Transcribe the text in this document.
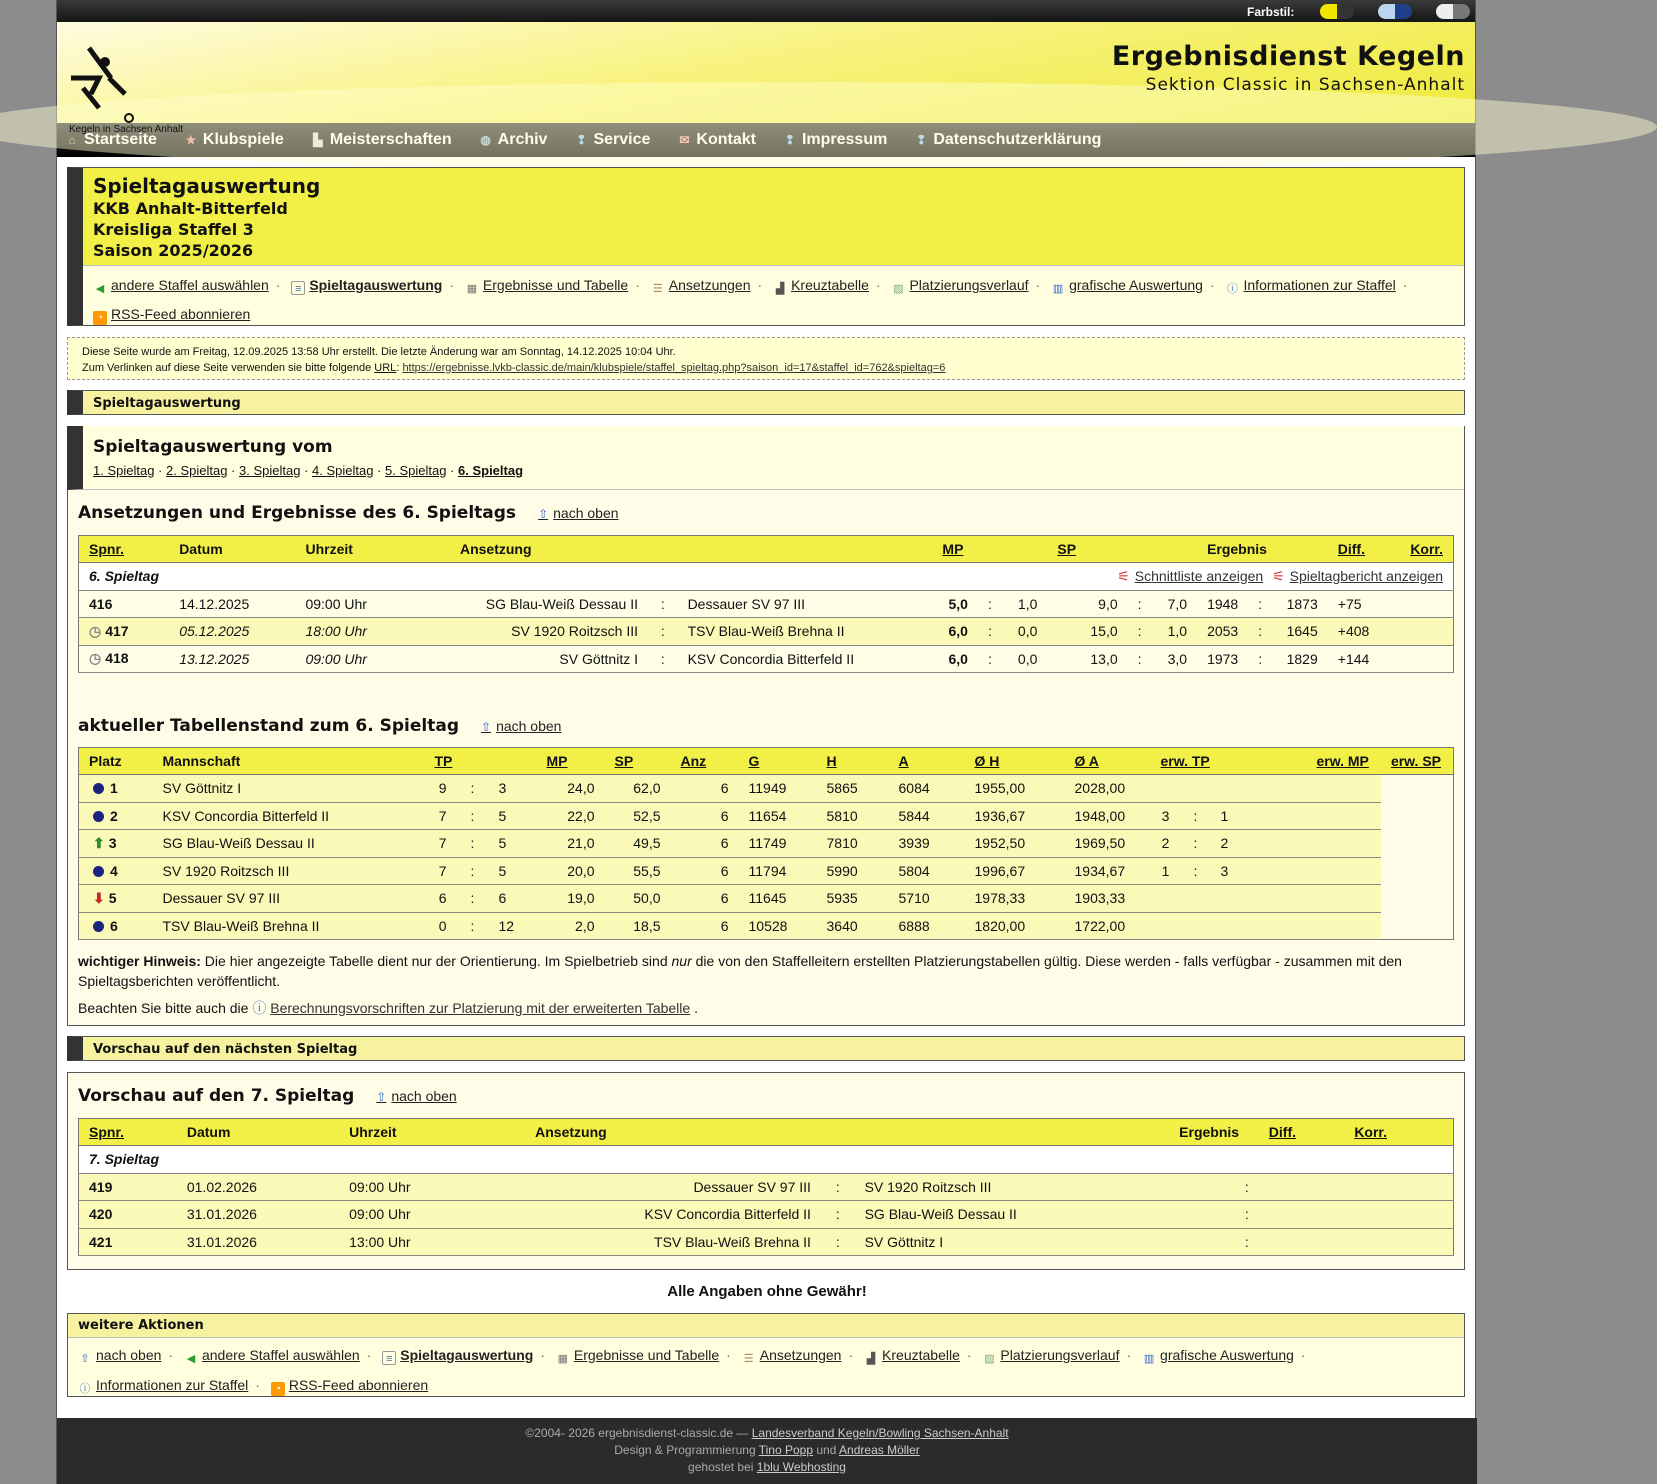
Farbstil:
Kegeln in Sachsen Anhalt
Ergebnisdienst Kegeln
Sektion Classic in Sachsen-Anhalt
⌂ Startseite ★ Klubspiele ▙ Meisterschaften ◍ Archiv ❢ Service ✉ Kontakt ❢ Impressum ❢ Datenschutzerklärung
Spieltagauswertung
KKB Anhalt-Bitterfeld
Kreisliga Staffel 3
Saison 2025/2026
◀ andere Staffel auswählen · ≡ Spieltagauswertung · ▦ Ergebnisse und Tabelle · ☰ Ansetzungen · ▟ Kreuztabelle · ▨ Platzierungsverlauf · ▥ grafische Auswertung · ⓘ Informationen zur Staffel ·
◔ RSS-Feed abonnieren
Diese Seite wurde am Freitag, 12.09.2025 13:58 Uhr erstellt. Die letzte Änderung war am Sonntag, 14.12.2025 10:04 Uhr.
Zum Verlinken auf diese Seite verwenden sie bitte folgende URL: https://ergebnisse.lvkb-classic.de/main/klubspiele/staffel_spieltag.php?saison_id=17&staffel_id=762&spieltag=6
Spieltagauswertung
Spieltagauswertung vom
1. Spieltag · 2. Spieltag · 3. Spieltag · 4. Spieltag · 5. Spieltag · 6. Spieltag
Ansetzungen und Ergebnisse des 6. Spieltags ⇧ nach oben
Spnr.	Datum	Uhrzeit	Ansetzung			MP			SP				Ergebnis			Diff.	Korr.
6. Spieltag						⚟ Schnittliste anzeigen ⚟ Spieltagbericht anzeigen											
416	14.12.2025	09:00 Uhr	SG Blau-Weiß Dessau II	:	Dessauer SV 97 III	5,0	:	1,0		9,0	:	7,0	1948	:	1873	+75	
◷ 417	05.12.2025	18:00 Uhr	SV 1920 Roitzsch III	:	TSV Blau-Weiß Brehna II	6,0	:	0,0		15,0	:	1,0	2053	:	1645	+408	
◷ 418	13.12.2025	09:00 Uhr	SV Göttnitz I	:	KSV Concordia Bitterfeld II	6,0	:	0,0		13,0	:	3,0	1973	:	1829	+144	
aktueller Tabellenstand zum 6. Spieltag ⇧ nach oben
Platz	Mannschaft	TP			MP	SP	Anz	G	H	A	Ø H	Ø A	erw. TP			erw. MP	erw. SP
1	SV Göttnitz I	9	:	3	24,0	62,0	6	11949	5865	6084	1955,00	2028,00					
2	KSV Concordia Bitterfeld II	7	:	5	22,0	52,5	6	11654	5810	5844	1936,67	1948,00	3	:	1		
⬆ 3	SG Blau-Weiß Dessau II	7	:	5	21,0	49,5	6	11749	7810	3939	1952,50	1969,50	2	:	2		
4	SV 1920 Roitzsch III	7	:	5	20,0	55,5	6	11794	5990	5804	1996,67	1934,67	1	:	3		
⬇ 5	Dessauer SV 97 III	6	:	6	19,0	50,0	6	11645	5935	5710	1978,33	1903,33					
6	TSV Blau-Weiß Brehna II	0	:	12	2,0	18,5	6	10528	3640	6888	1820,00	1722,00					
wichtiger Hinweis: Die hier angezeigte Tabelle dient nur der Orientierung. Im Spielbetrieb sind nur die von den Staffelleitern erstellten Platzierungstabellen gültig. Diese werden - falls verfügbar - zusammen mit den Spieltagsberichten veröffentlicht.
Beachten Sie bitte auch die ⓘ Berechnungsvorschriften zur Platzierung mit der erweiterten Tabelle .
Vorschau auf den nächsten Spieltag
Vorschau auf den 7. Spieltag ⇧ nach oben
Spnr.	Datum	Uhrzeit	Ansetzung			Ergebnis	Diff.	Korr.	
7. Spieltag									
419	01.02.2026	09:00 Uhr	Dessauer SV 97 III	:	SV 1920 Roitzsch III	:			
420	31.01.2026	09:00 Uhr	KSV Concordia Bitterfeld II	:	SG Blau-Weiß Dessau II	:			
421	31.01.2026	13:00 Uhr	TSV Blau-Weiß Brehna II	:	SV Göttnitz I	:			
Alle Angaben ohne Gewähr!
weitere Aktionen
⇧ nach oben · ◀ andere Staffel auswählen · ≡ Spieltagauswertung · ▦ Ergebnisse und Tabelle · ☰ Ansetzungen · ▟ Kreuztabelle · ▨ Platzierungsverlauf · ▥ grafische Auswertung ·
ⓘ Informationen zur Staffel · ◔ RSS-Feed abonnieren
©2004- 2026 ergebnisdienst-classic.de — Landesverband Kegeln/Bowling Sachsen-Anhalt
Design & Programmierung Tino Popp und Andreas Möller
gehostet bei 1blu Webhosting
